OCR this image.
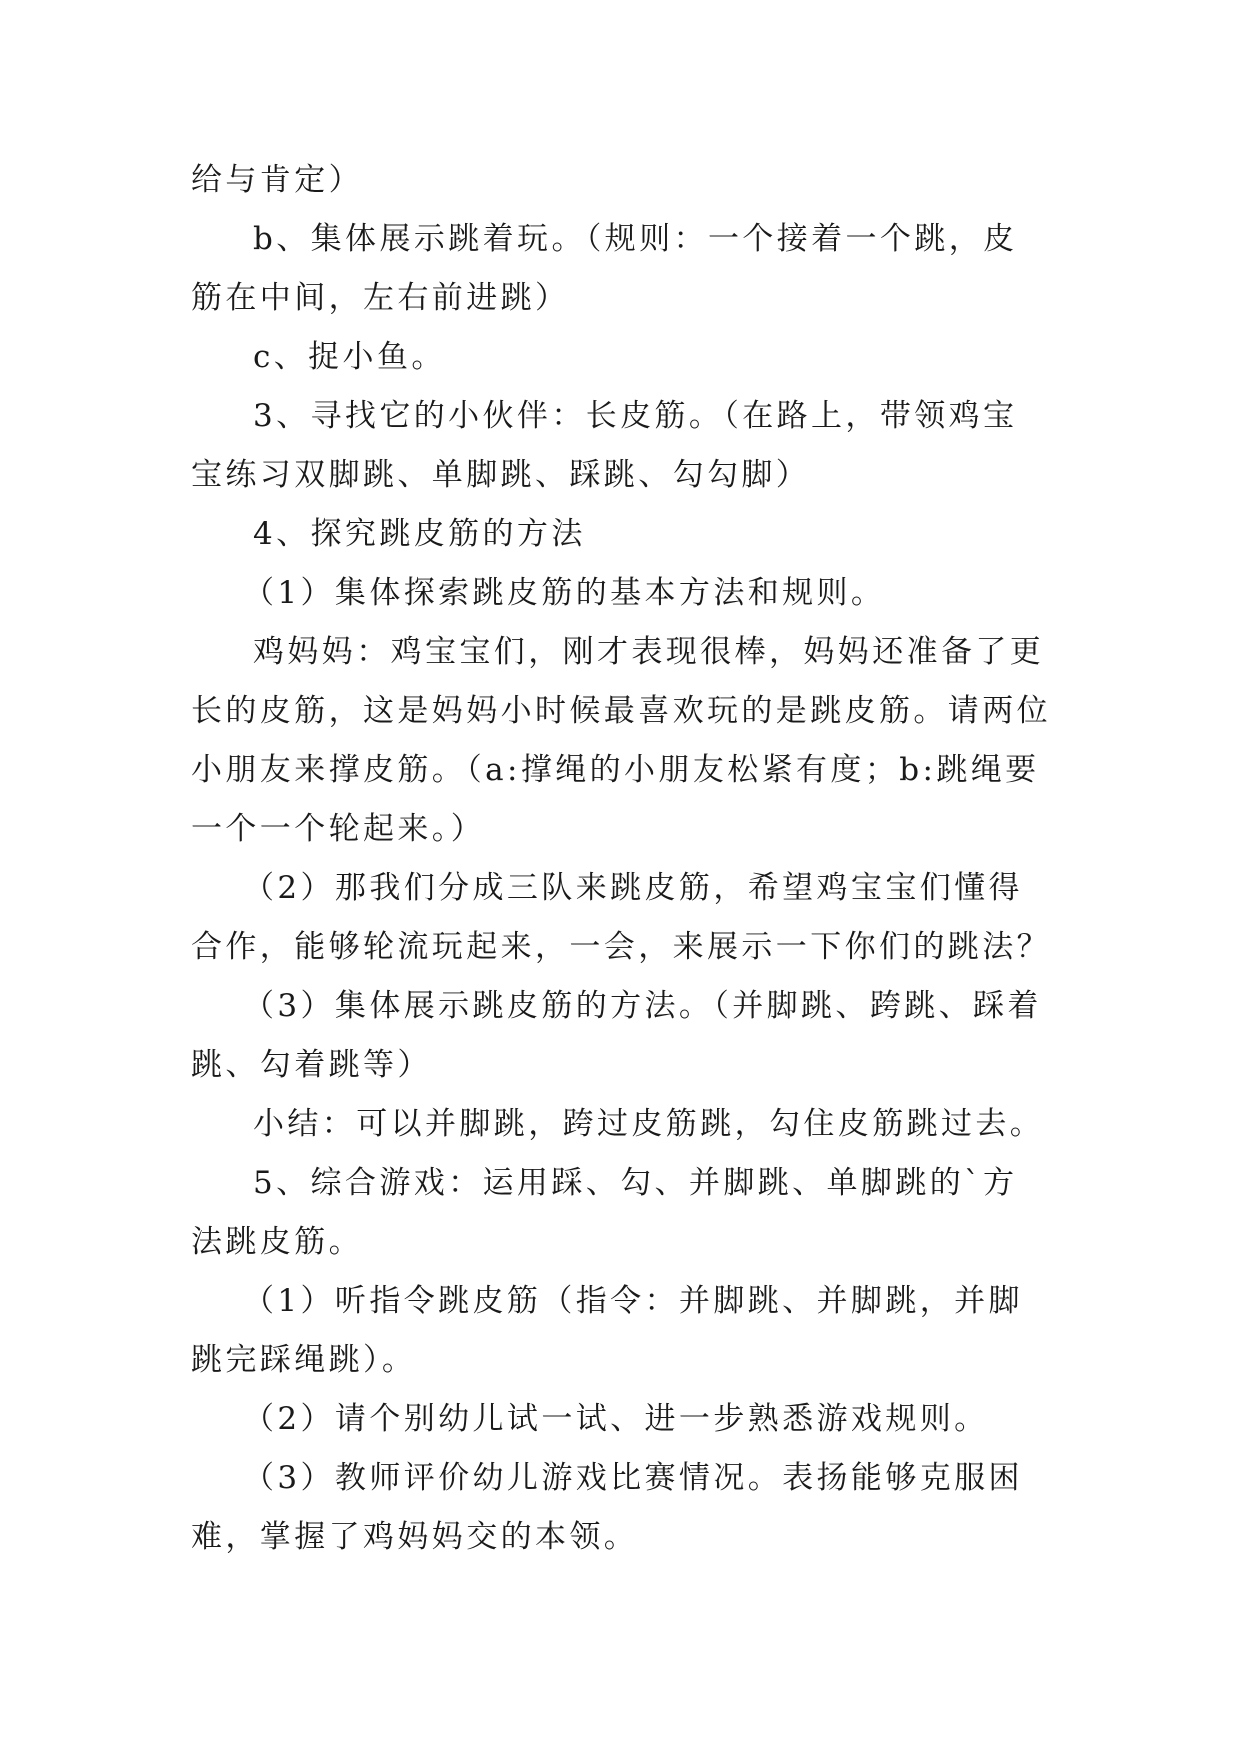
给与肯定）

b、集体展示跳着玩。（规则：一个接着一个跳，皮筋在中间，左右前进跳）

c、捉小鱼。

3、寻找它的小伙伴：长皮筋。（在路上，带领鸡宝宝练习双脚跳、单脚跳、踩跳、勾勾脚）

4、探究跳皮筋的方法

（1）集体探索跳皮筋的基本方法和规则。

鸡妈妈：鸡宝宝们，刚才表现很棒，妈妈还准备了更长的皮筋，这是妈妈小时候最喜欢玩的是跳皮筋。请两位小朋友来撑皮筋。（a:撑绳的小朋友松紧有度；b:跳绳要一个一个轮起来。）

（2）那我们分成三队来跳皮筋，希望鸡宝宝们懂得合作，能够轮流玩起来，一会，来展示一下你们的跳法？

（3）集体展示跳皮筋的方法。（并脚跳、跨跳、踩着跳、勾着跳等）

小结：可以并脚跳，跨过皮筋跳，勾住皮筋跳过去。

5、综合游戏：运用踩、勾、并脚跳、单脚跳的`方法跳皮筋。

（1）听指令跳皮筋（指令：并脚跳、并脚跳，并脚跳完踩绳跳）。

（2）请个别幼儿试一试、进一步熟悉游戏规则。

（3）教师评价幼儿游戏比赛情况。表扬能够克服困难，掌握了鸡妈妈交的本领。
